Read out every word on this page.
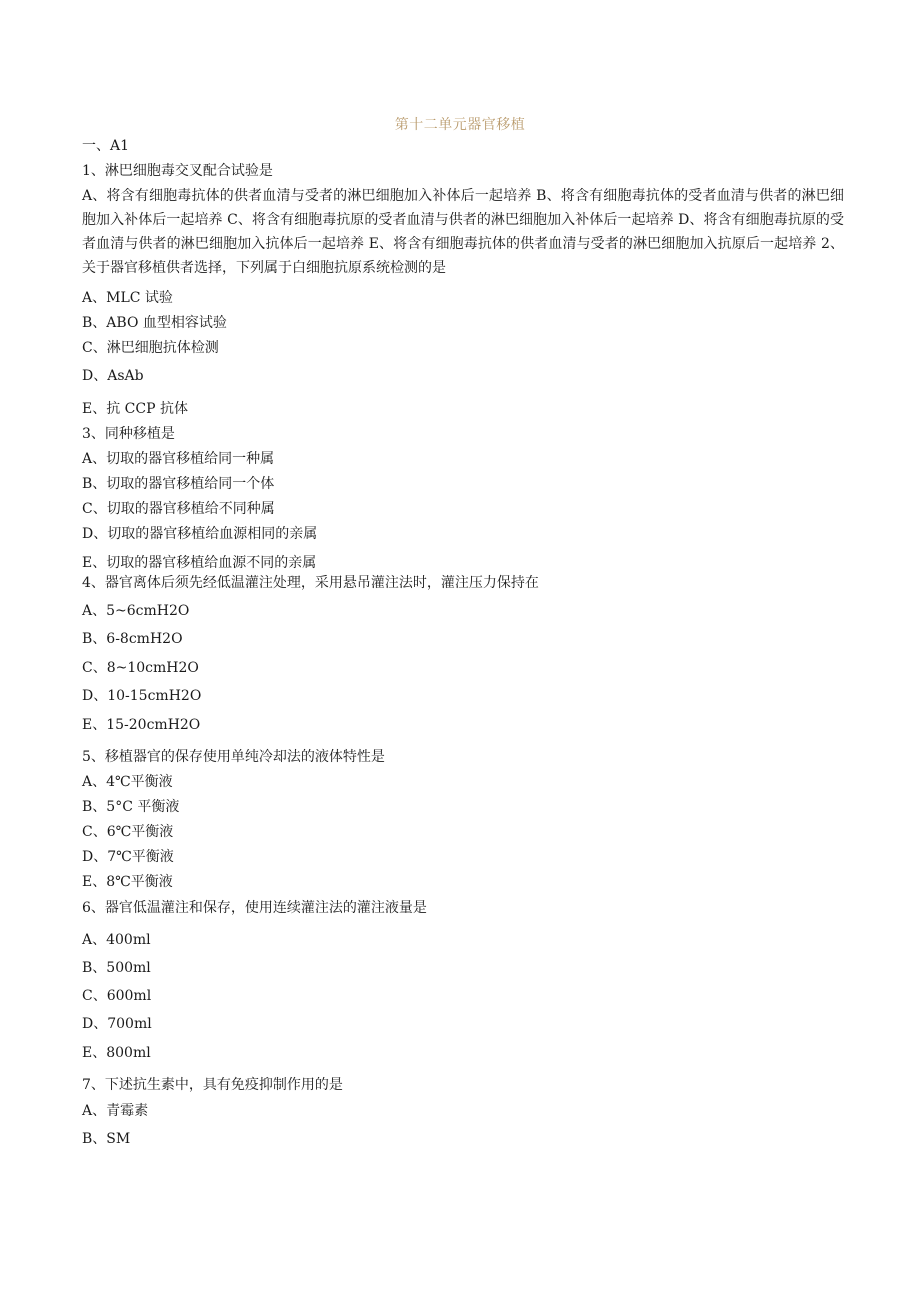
第十二单元器官移植
一、A1
1、淋巴细胞毒交叉配合试验是
A、将含有细胞毒抗体的供者血清与受者的淋巴细胞加入补体后一起培养 B、将含有细胞毒抗体的受者血清与供者的淋巴细胞加入补体后一起培养 C、将含有细胞毒抗原的受者血清与供者的淋巴细胞加入补体后一起培养 D、将含有细胞毒抗原的受者血清与供者的淋巴细胞加入抗体后一起培养 E、将含有细胞毒抗体的供者血清与受者的淋巴细胞加入抗原后一起培养 2、关于器官移植供者选择，下列属于白细胞抗原系统检测的是
A、MLC 试验
B、ABO 血型相容试验
C、淋巴细胞抗体检测
D、AsAb
E、抗 CCP 抗体
3、同种移植是
A、切取的器官移植给同一种属
B、切取的器官移植给同一个体
C、切取的器官移植给不同种属
D、切取的器官移植给血源相同的亲属
E、切取的器官移植给血源不同的亲属
4、器官离体后须先经低温灌注处理，采用悬吊灌注法时，灌注压力保持在
A、5~6cmH2O
B、6-8cmH2O
C、8~10cmH2O
D、10-15cmH2O
E、15-20cmH2O
5、移植器官的保存使用单纯冷却法的液体特性是
A、4℃平衡液
B、5°C 平衡液
C、6℃平衡液
D、7℃平衡液
E、8℃平衡液
6、器官低温灌注和保存，使用连续灌注法的灌注液量是
A、400ml
B、500ml
C、600ml
D、700ml
E、800ml
7、下述抗生素中，具有免疫抑制作用的是
A、青霉素
B、SM
